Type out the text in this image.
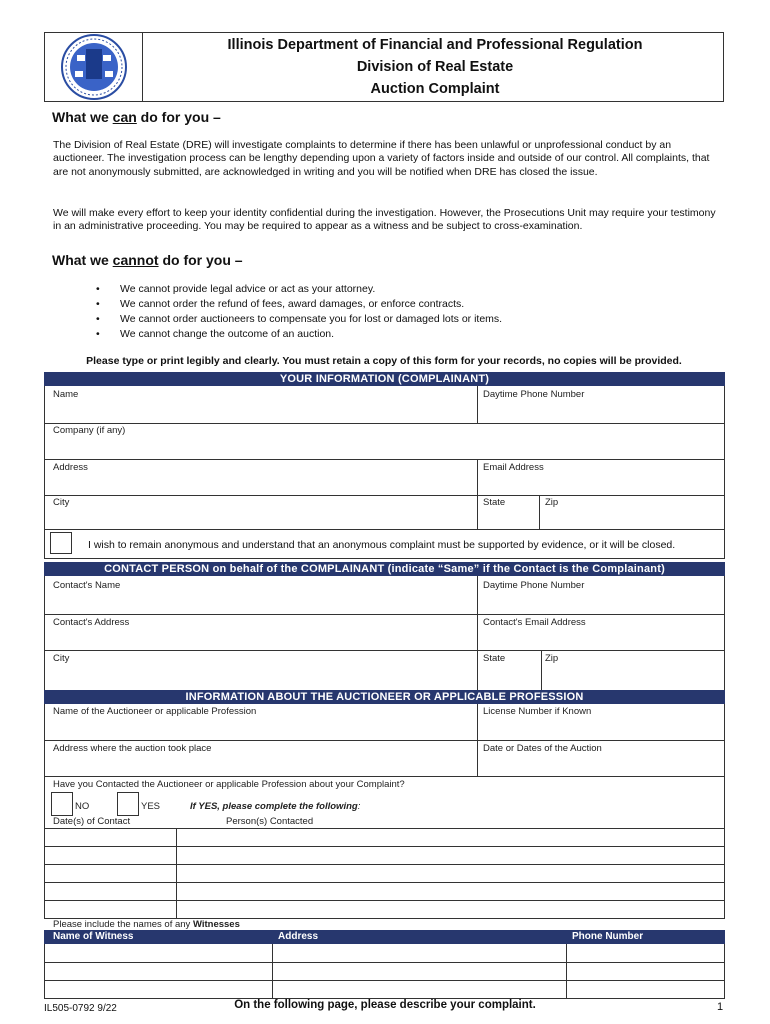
Illinois Department of Financial and Professional Regulation
Division of Real Estate
Auction Complaint
What we can do for you –
The Division of Real Estate (DRE) will investigate complaints to determine if there has been unlawful or unprofessional conduct by an auctioneer. The investigation process can be lengthy depending upon a variety of factors inside and outside of our control. All complaints, that are not anonymously submitted, are acknowledged in writing and you will be notified when DRE has closed the issue.
We will make every effort to keep your identity confidential during the investigation. However, the Prosecutions Unit may require your testimony in an administrative proceeding. You may be required to appear as a witness and be subject to cross-examination.
What we cannot do for you –
• We cannot provide legal advice or act as your attorney.
• We cannot order the refund of fees, award damages, or enforce contracts.
• We cannot order auctioneers to compensate you for lost or damaged lots or items.
• We cannot change the outcome of an auction.
Please type or print legibly and clearly. You must retain a copy of this form for your records, no copies will be provided.
YOUR INFORMATION (COMPLAINANT)
Name	Daytime Phone Number
Company (if any)
Address	Email Address
City	State	Zip
I wish to remain anonymous and understand that an anonymous complaint must be supported by evidence, or it will be closed.
CONTACT PERSON on behalf of the COMPLAINANT (indicate “Same” if the Contact is the Complainant)
Contact's Name	Daytime Phone Number
Contact's Address	Contact's Email Address
City	State	Zip
INFORMATION ABOUT THE AUCTIONEER OR APPLICABLE PROFESSION
Name of the Auctioneer or applicable Profession	License Number if Known
Address where the auction took place	Date or Dates of the Auction
Have you Contacted the Auctioneer or applicable Profession about your Complaint?
NO	YES	If YES, please complete the following:
Date(s) of Contact	Person(s) Contacted
Please include the names of any Witnesses
Name of Witness	Address	Phone Number
IL505-0792 9/22	On the following page, please describe your complaint.	1
